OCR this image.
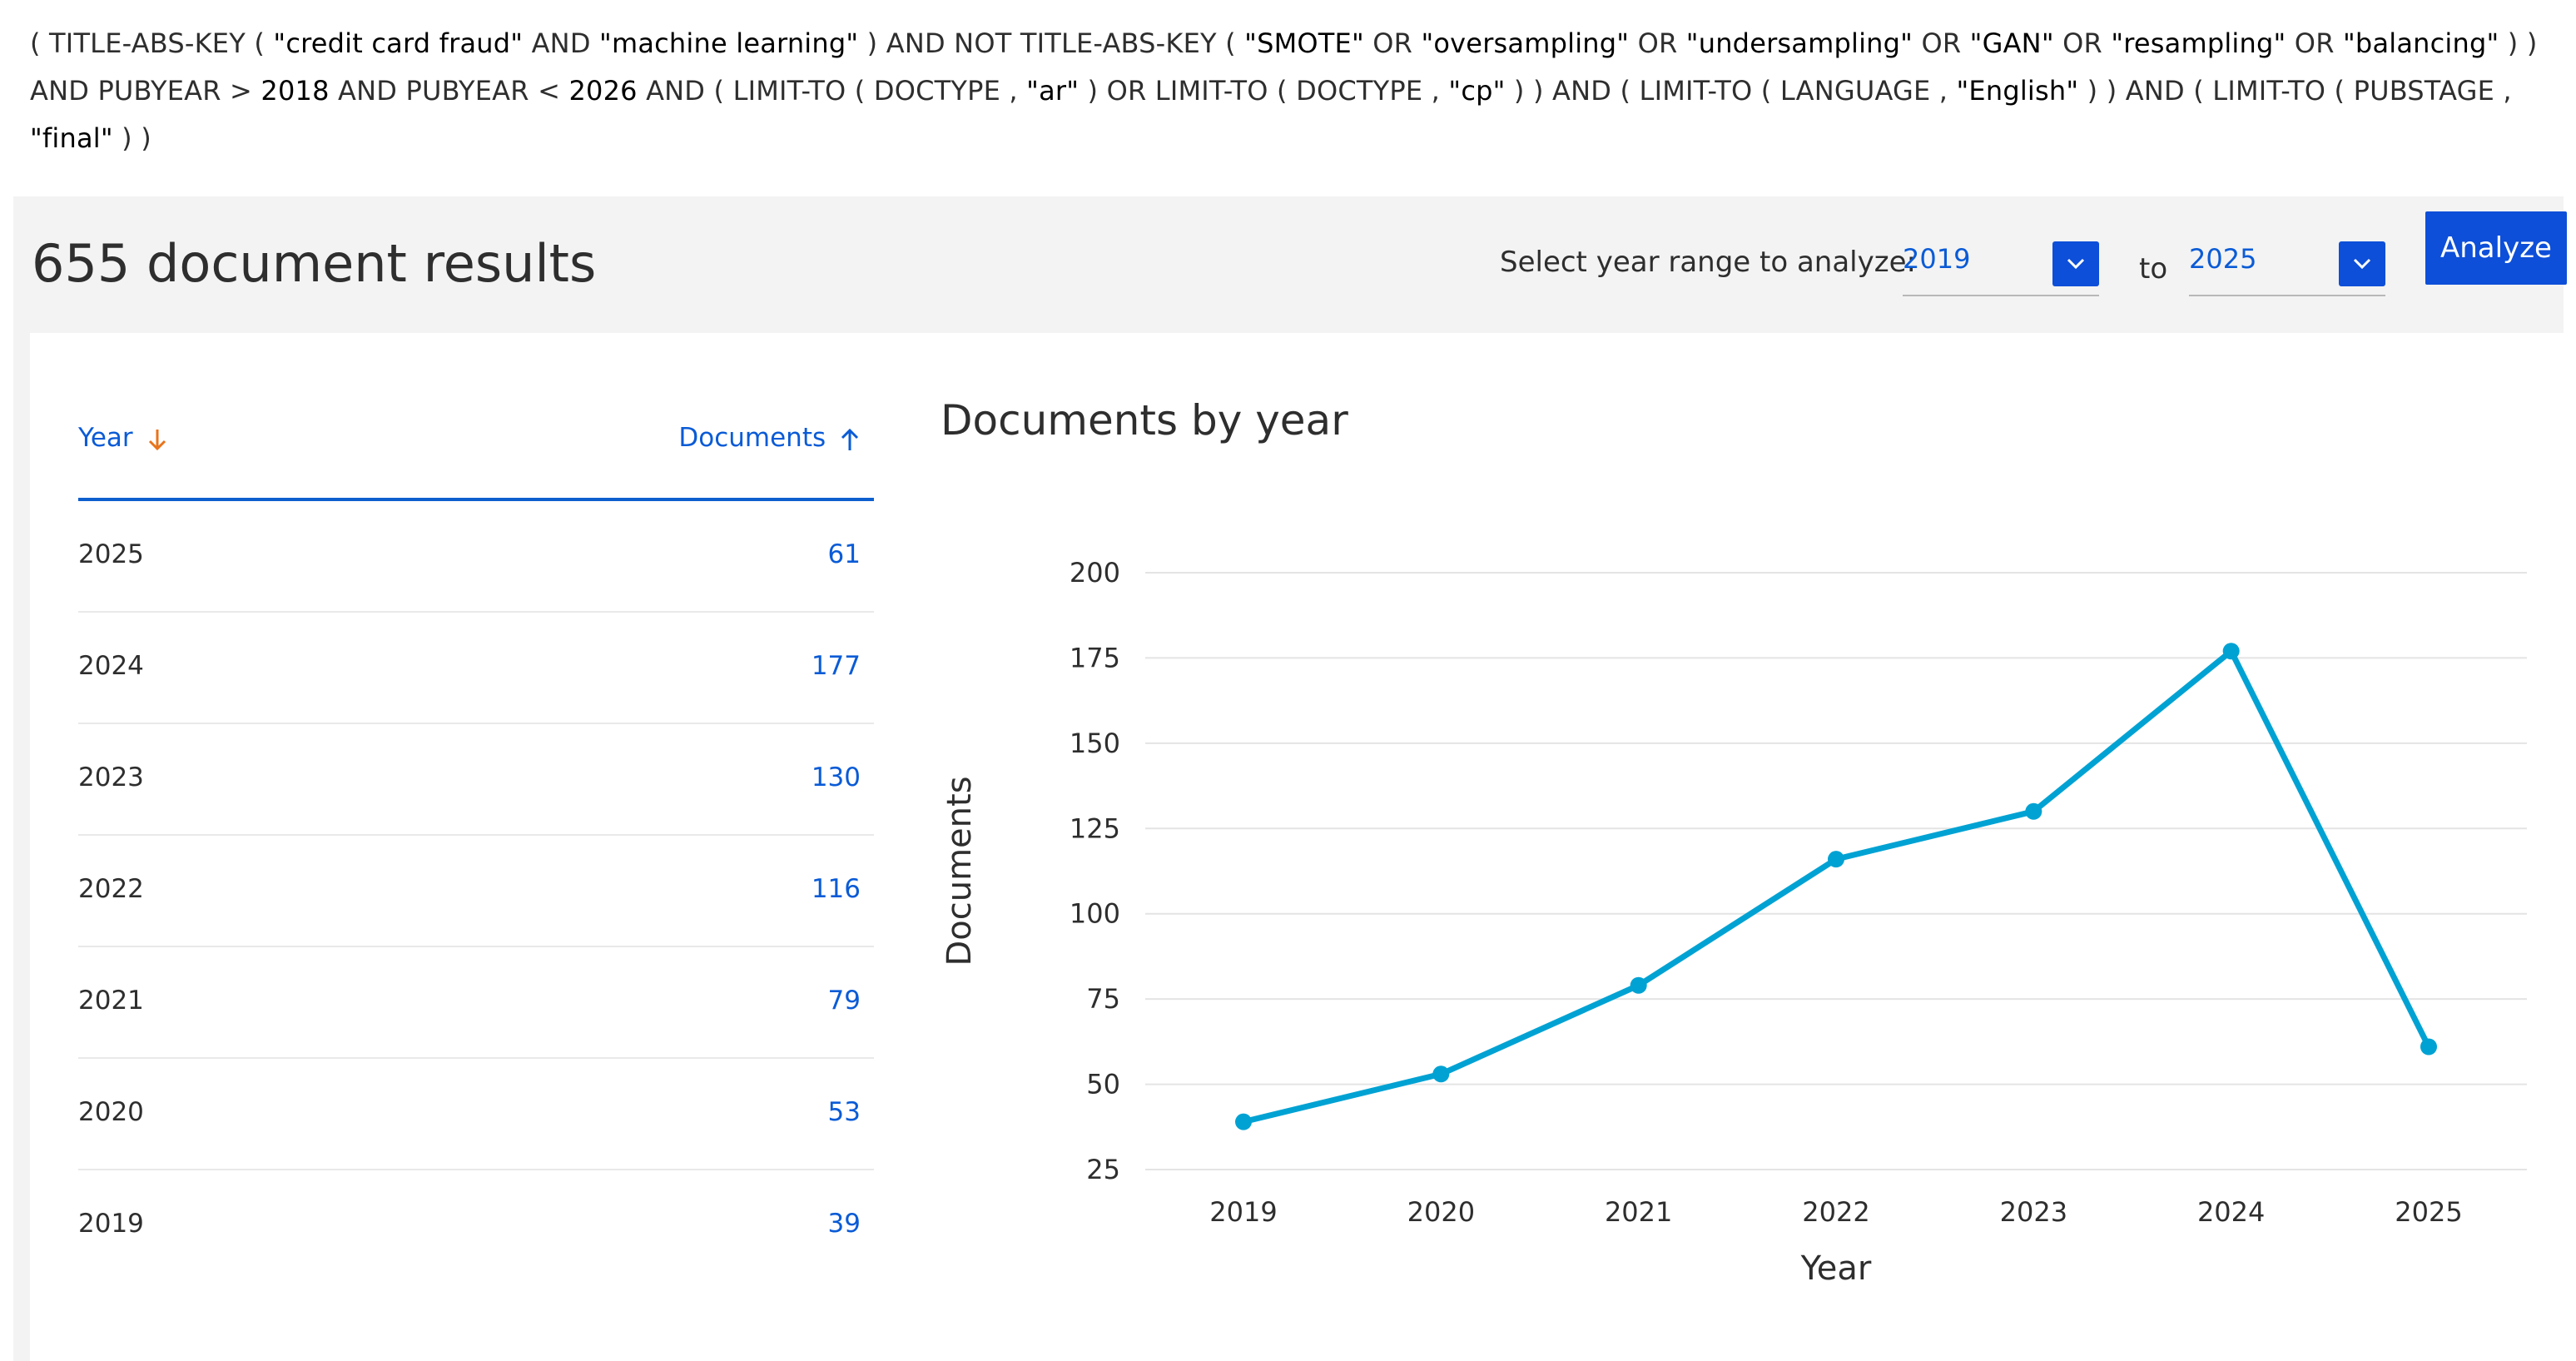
( TITLE-ABS-KEY ( "credit card fraud" AND "machine learning" ) AND NOT TITLE-ABS-KEY ( "SMOTE" OR "oversampling" OR "undersampling" OR "GAN" OR "resampling" OR "balancing" ) ) AND PUBYEAR > 2018 AND PUBYEAR < 2026 AND ( LIMIT-TO ( DOCTYPE , "ar" ) OR LIMIT-TO ( DOCTYPE , "cp" ) ) AND ( LIMIT-TO ( LANGUAGE , "English" ) ) AND ( LIMIT-TO ( PUBSTAGE , "final" ) )
655 document results	Select year range to analyze:
2019	to 2025	Analyze
Year	Documents
2025	61
2024	177
2023	130
2022	116
2021	79
2020	53
2019	39
Documents by year
25
50
75
100
125
150
175
200
2019	2020	2021	2022	2023	2024	2025
Year
Documents
